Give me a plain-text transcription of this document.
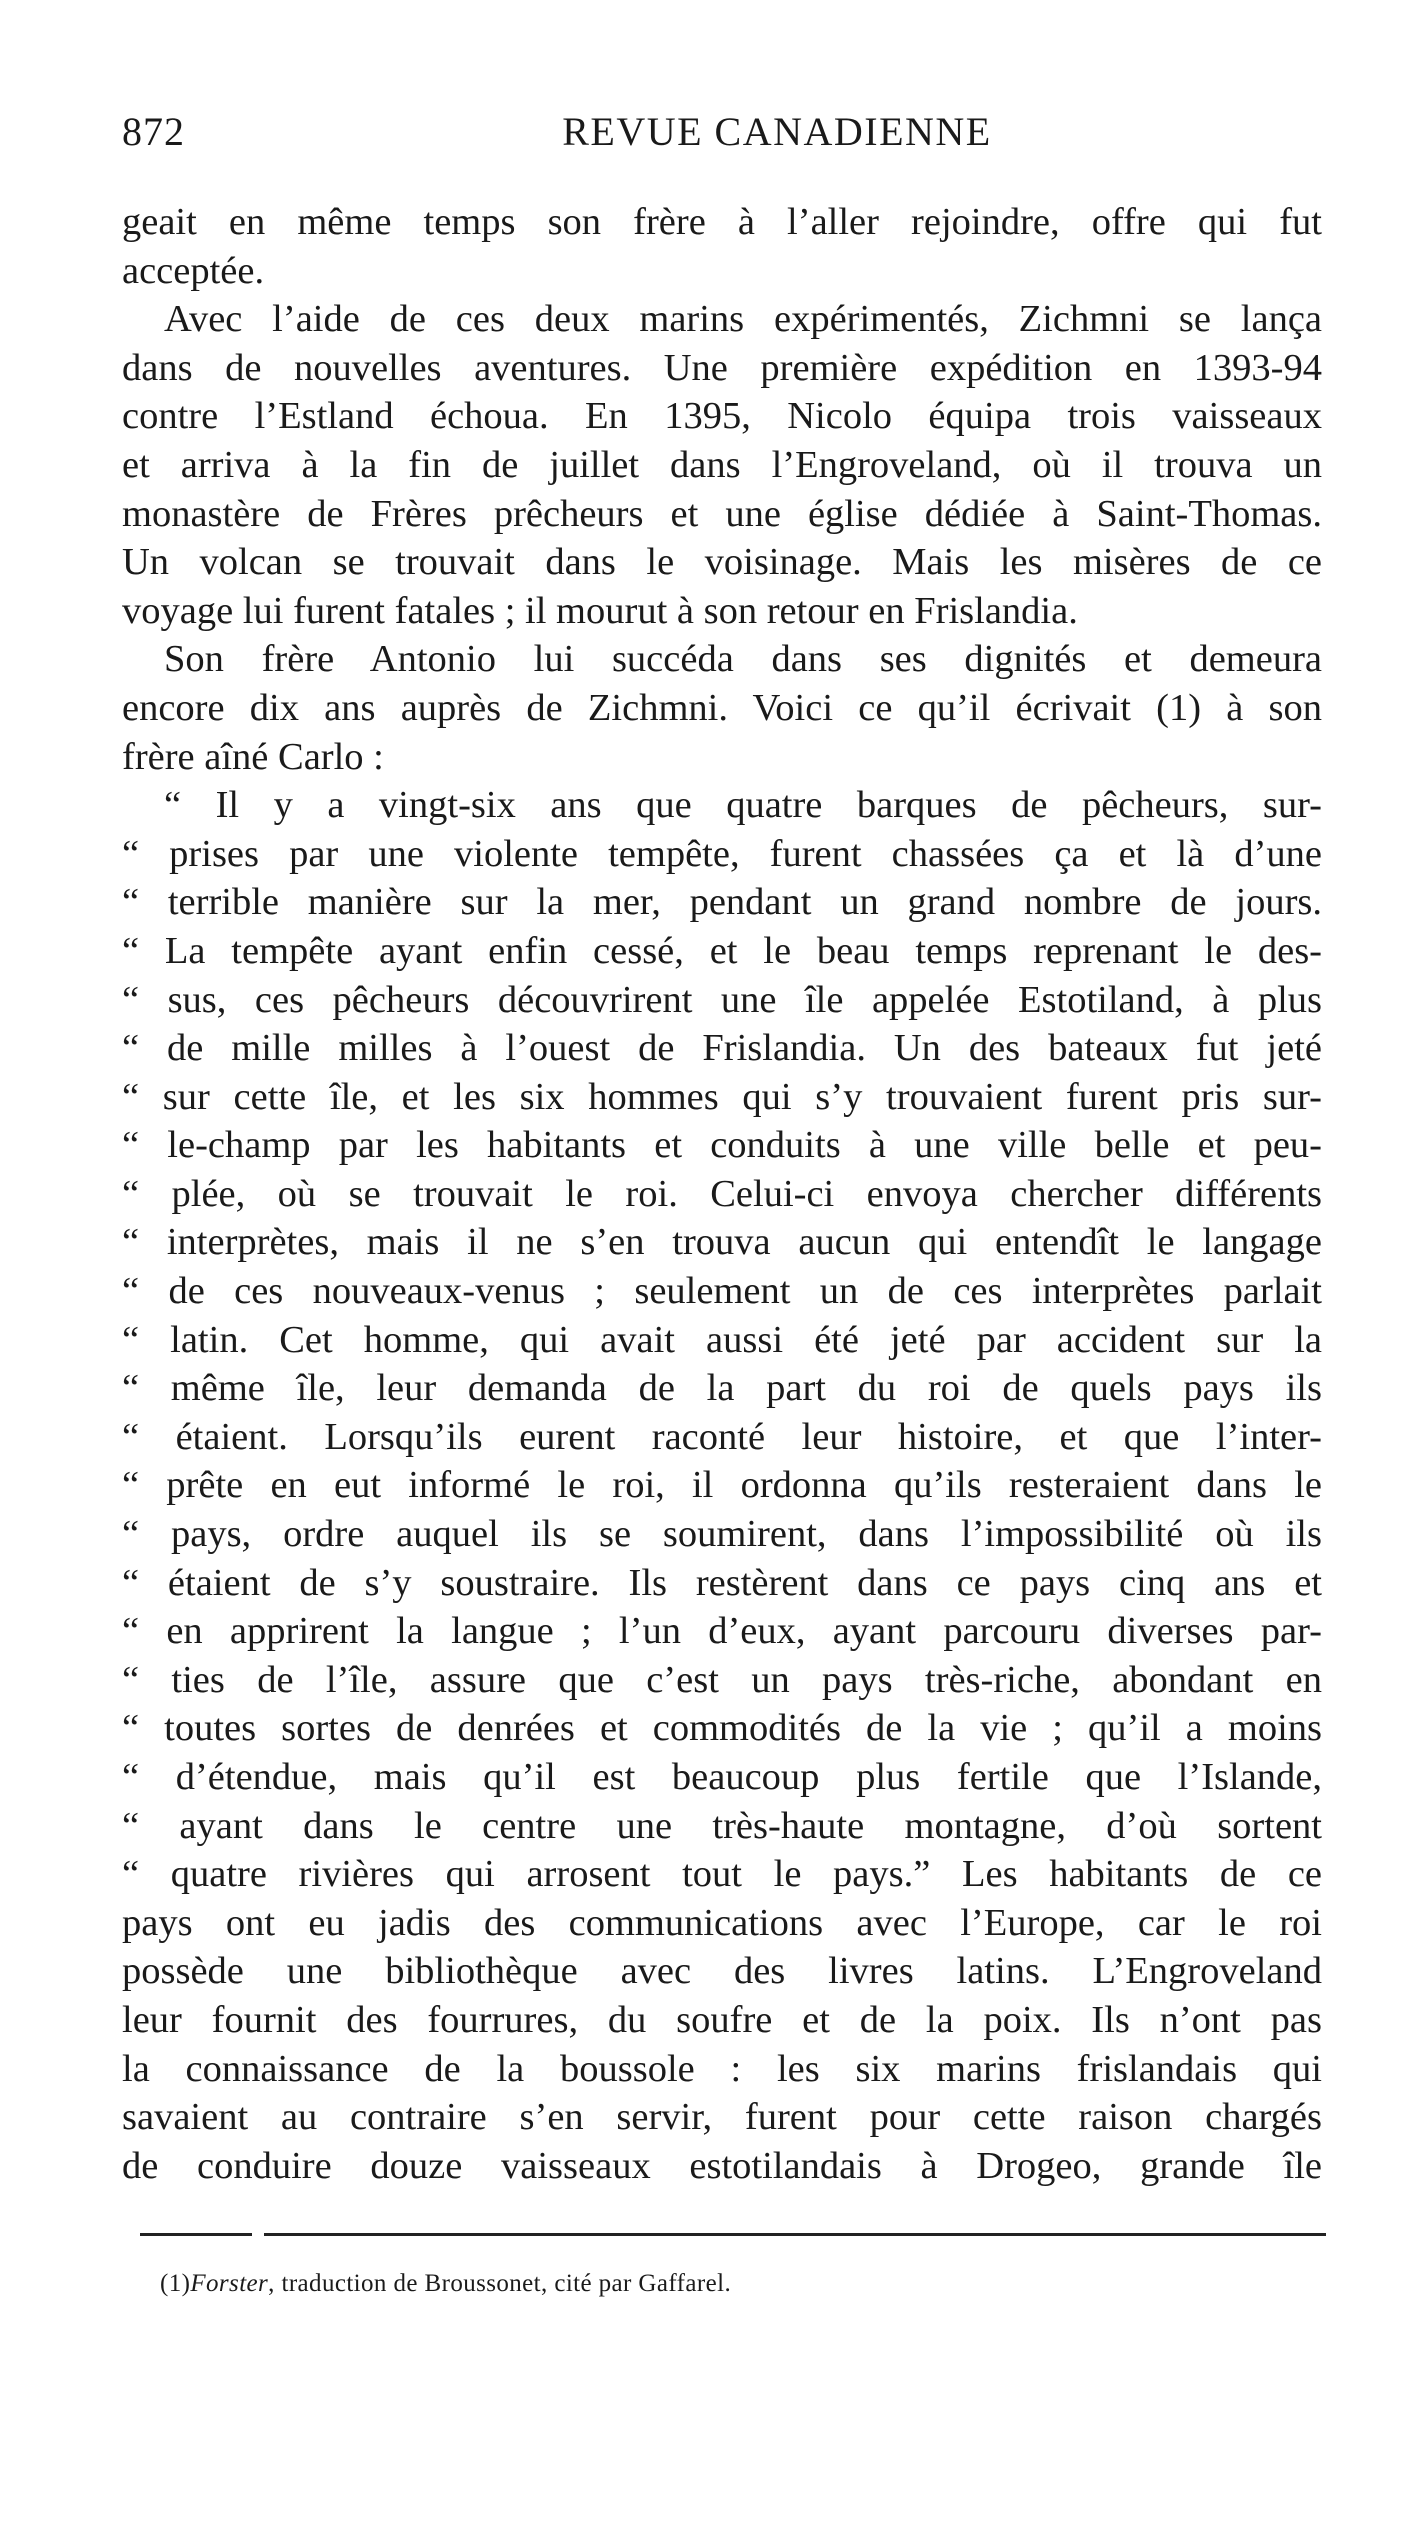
872	REVUE CANADIENNE
geait en même temps son frère à l’aller rejoindre, offre qui fut
acceptée.
Avec l’aide de ces deux marins expérimentés, Zichmni se lança
dans de nouvelles aventures. Une première expédition en 1393-94
contre l’Estland échoua. En 1395, Nicolo équipa trois vaisseaux
et arriva à la fin de juillet dans l’Engroveland, où il trouva un
monastère de Frères prêcheurs et une église dédiée à Saint-Thomas.
Un volcan se trouvait dans le voisinage. Mais les misères de ce
voyage lui furent fatales ; il mourut à son retour en Frislandia.
Son frère Antonio lui succéda dans ses dignités et demeura
encore dix ans auprès de Zichmni. Voici ce qu’il écrivait (1) à son
frère aîné Carlo :
“ Il y a vingt-six ans que quatre barques de pêcheurs, sur-
“ prises par une violente tempête, furent chassées ça et là d’une
“ terrible manière sur la mer, pendant un grand nombre de jours.
“ La tempête ayant enfin cessé, et le beau temps reprenant le des-
“ sus, ces pêcheurs découvrirent une île appelée Estotiland, à plus
“ de mille milles à l’ouest de Frislandia. Un des bateaux fut jeté
“ sur cette île, et les six hommes qui s’y trouvaient furent pris sur-
“ le-champ par les habitants et conduits à une ville belle et peu-
“ plée, où se trouvait le roi. Celui-ci envoya chercher différents
“ interprètes, mais il ne s’en trouva aucun qui entendît le langage
“ de ces nouveaux-venus ; seulement un de ces interprètes parlait
“ latin. Cet homme, qui avait aussi été jeté par accident sur la
“ même île, leur demanda de la part du roi de quels pays ils
“ étaient. Lorsqu’ils eurent raconté leur histoire, et que l’inter-
“ prête en eut informé le roi, il ordonna qu’ils resteraient dans le
“ pays, ordre auquel ils se soumirent, dans l’impossibilité où ils
“ étaient de s’y soustraire. Ils restèrent dans ce pays cinq ans et
“ en apprirent la langue ; l’un d’eux, ayant parcouru diverses par-
“ ties de l’île, assure que c’est un pays très-riche, abondant en
“ toutes sortes de denrées et commodités de la vie ; qu’il a moins
“ d’étendue, mais qu’il est beaucoup plus fertile que l’Islande,
“ ayant dans le centre une très-haute montagne, d’où sortent
“ quatre rivières qui arrosent tout le pays.” Les habitants de ce
pays ont eu jadis des communications avec l’Europe, car le roi
possède une bibliothèque avec des livres latins. L’Engroveland
leur fournit des fourrures, du soufre et de la poix. Ils n’ont pas
la connaissance de la boussole : les six marins frislandais qui
savaient au contraire s’en servir, furent pour cette raison chargés
de conduire douze vaisseaux estotilandais à Drogeo, grande île
(1)Forster, traduction de Broussonet, cité par Gaffarel.
